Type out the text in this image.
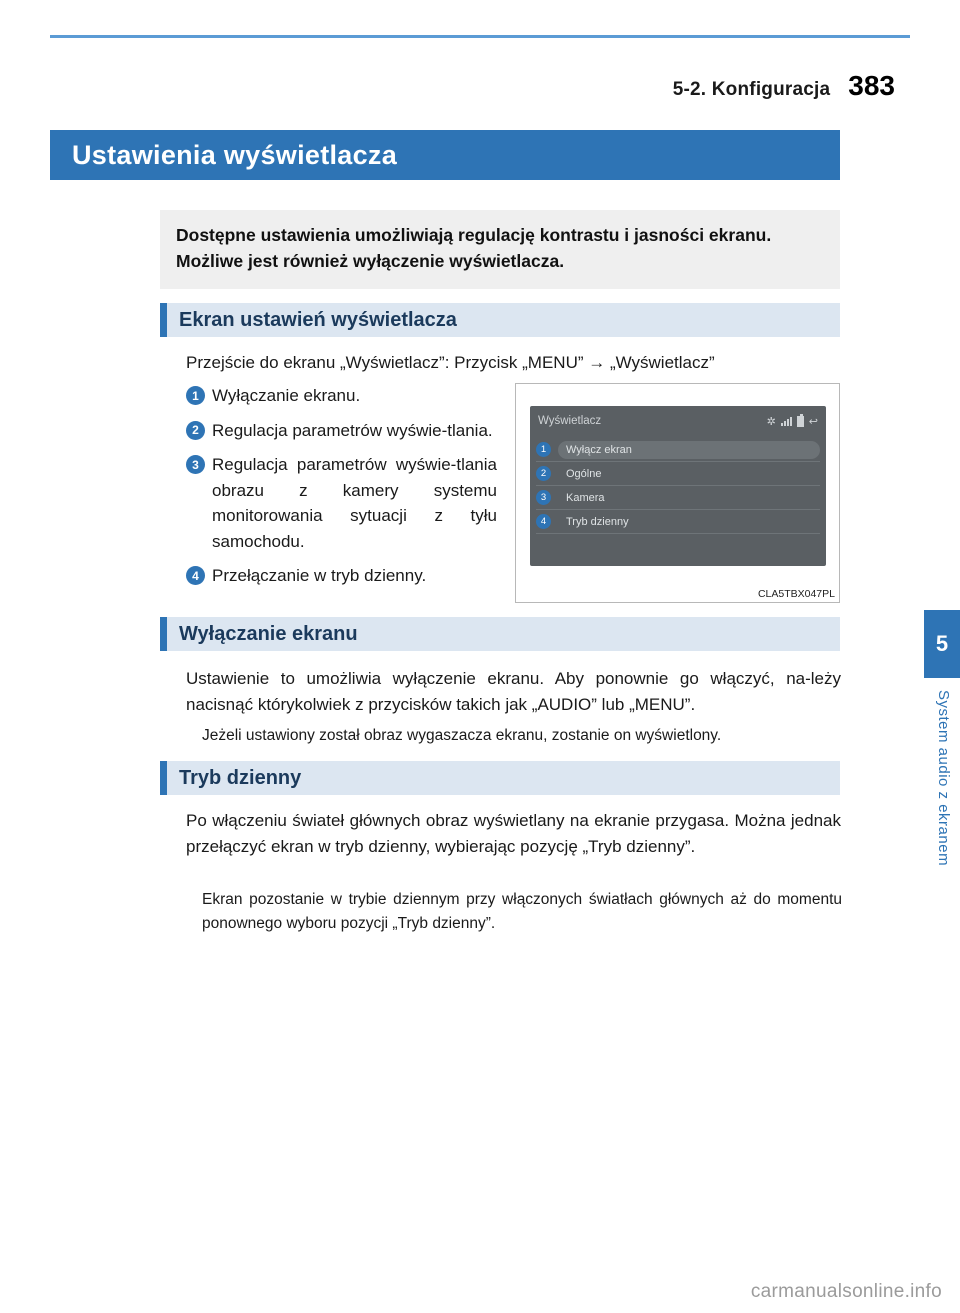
5-2. Konfiguracja 383
Ustawienia wyświetlacza

Dostępne ustawienia umożliwiają regulację kontrastu i jasności ekranu. Możliwe jest również wyłączenie wyświetlacza.

Ekran ustawień wyświetlacza
Przejście do ekranu „Wyświetlacz”: Przycisk „MENU” → „Wyświetlacz”
1 Wyłączanie ekranu.
2 Regulacja parametrów wyświe-tlania.
3 Regulacja parametrów wyświe-tlania obrazu z kamery systemu monitorowania sytuacji z tyłu samochodu.
4 Przełączanie w tryb dzienny.
Wyświetlacz	✲	↩
1	Wyłącz ekran
2	Ogólne
3	Kamera
4	Tryb dzienny
CLA5TBX047PL
Wyłączanie ekranu
Ustawienie to umożliwia wyłączenie ekranu. Aby ponownie go włączyć, na-leży nacisnąć którykolwiek z przycisków takich jak „AUDIO” lub „MENU”.
Jeżeli ustawiony został obraz wygaszacza ekranu, zostanie on wyświetlony.
Tryb dzienny
Po włączeniu świateł głównych obraz wyświetlany na ekranie przygasa. Można jednak przełączyć ekran w tryb dzienny, wybierając pozycję „Tryb dzienny”.
Ekran pozostanie w trybie dziennym przy włączonych światłach głównych aż do momentu ponownego wyboru pozycji „Tryb dzienny”.
5
System audio z ekranem
carmanualsonline.info
